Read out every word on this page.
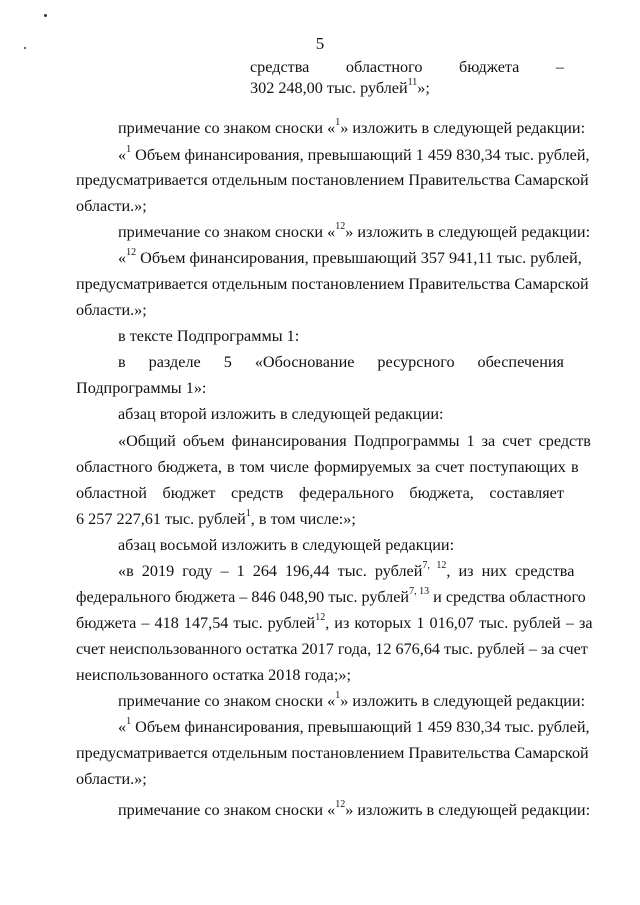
5
средства областного бюджета –
302 248,00 тыс. рублей$^{11}$»;
примечание со знаком сноски «$^1$» изложить в следующей редакции:
«$^1$ Объем финансирования, превышающий 1 459 830,34 тыс. рублей,
предусматривается отдельным постановлением Правительства Самарской
области.»;
примечание со знаком сноски «$^{12}$» изложить в следующей редакции:
«$^{12}$ Объем финансирования, превышающий 357 941,11 тыс. рублей,
предусматривается отдельным постановлением Правительства Самарской
области.»;
в тексте Подпрограммы 1:
в разделе 5 «Обоснование ресурсного обеспечения
Подпрограммы 1»:
абзац второй изложить в следующей редакции:
«Общий объем финансирования Подпрограммы 1 за счет средств
областного бюджета, в том числе формируемых за счет поступающих в
областной бюджет средств федерального бюджета, составляет
6 257 227,61 тыс. рублей$^1$, в том числе:»;
абзац восьмой изложить в следующей редакции:
«в 2019 году – 1 264 196,44 тыс. рублей$^{7, 12}$, из них средства
федерального бюджета – 846 048,90 тыс. рублей$^{7, 13}$ и средства областного
бюджета – 418 147,54 тыс. рублей$^{12}$, из которых 1 016,07 тыс. рублей – за
счет неиспользованного остатка 2017 года, 12 676,64 тыс. рублей – за счет
неиспользованного остатка 2018 года;»;
примечание со знаком сноски «$^1$» изложить в следующей редакции:
«$^1$ Объем финансирования, превышающий 1 459 830,34 тыс. рублей,
предусматривается отдельным постановлением Правительства Самарской
области.»;
примечание со знаком сноски «$^{12}$» изложить в следующей редакции:
